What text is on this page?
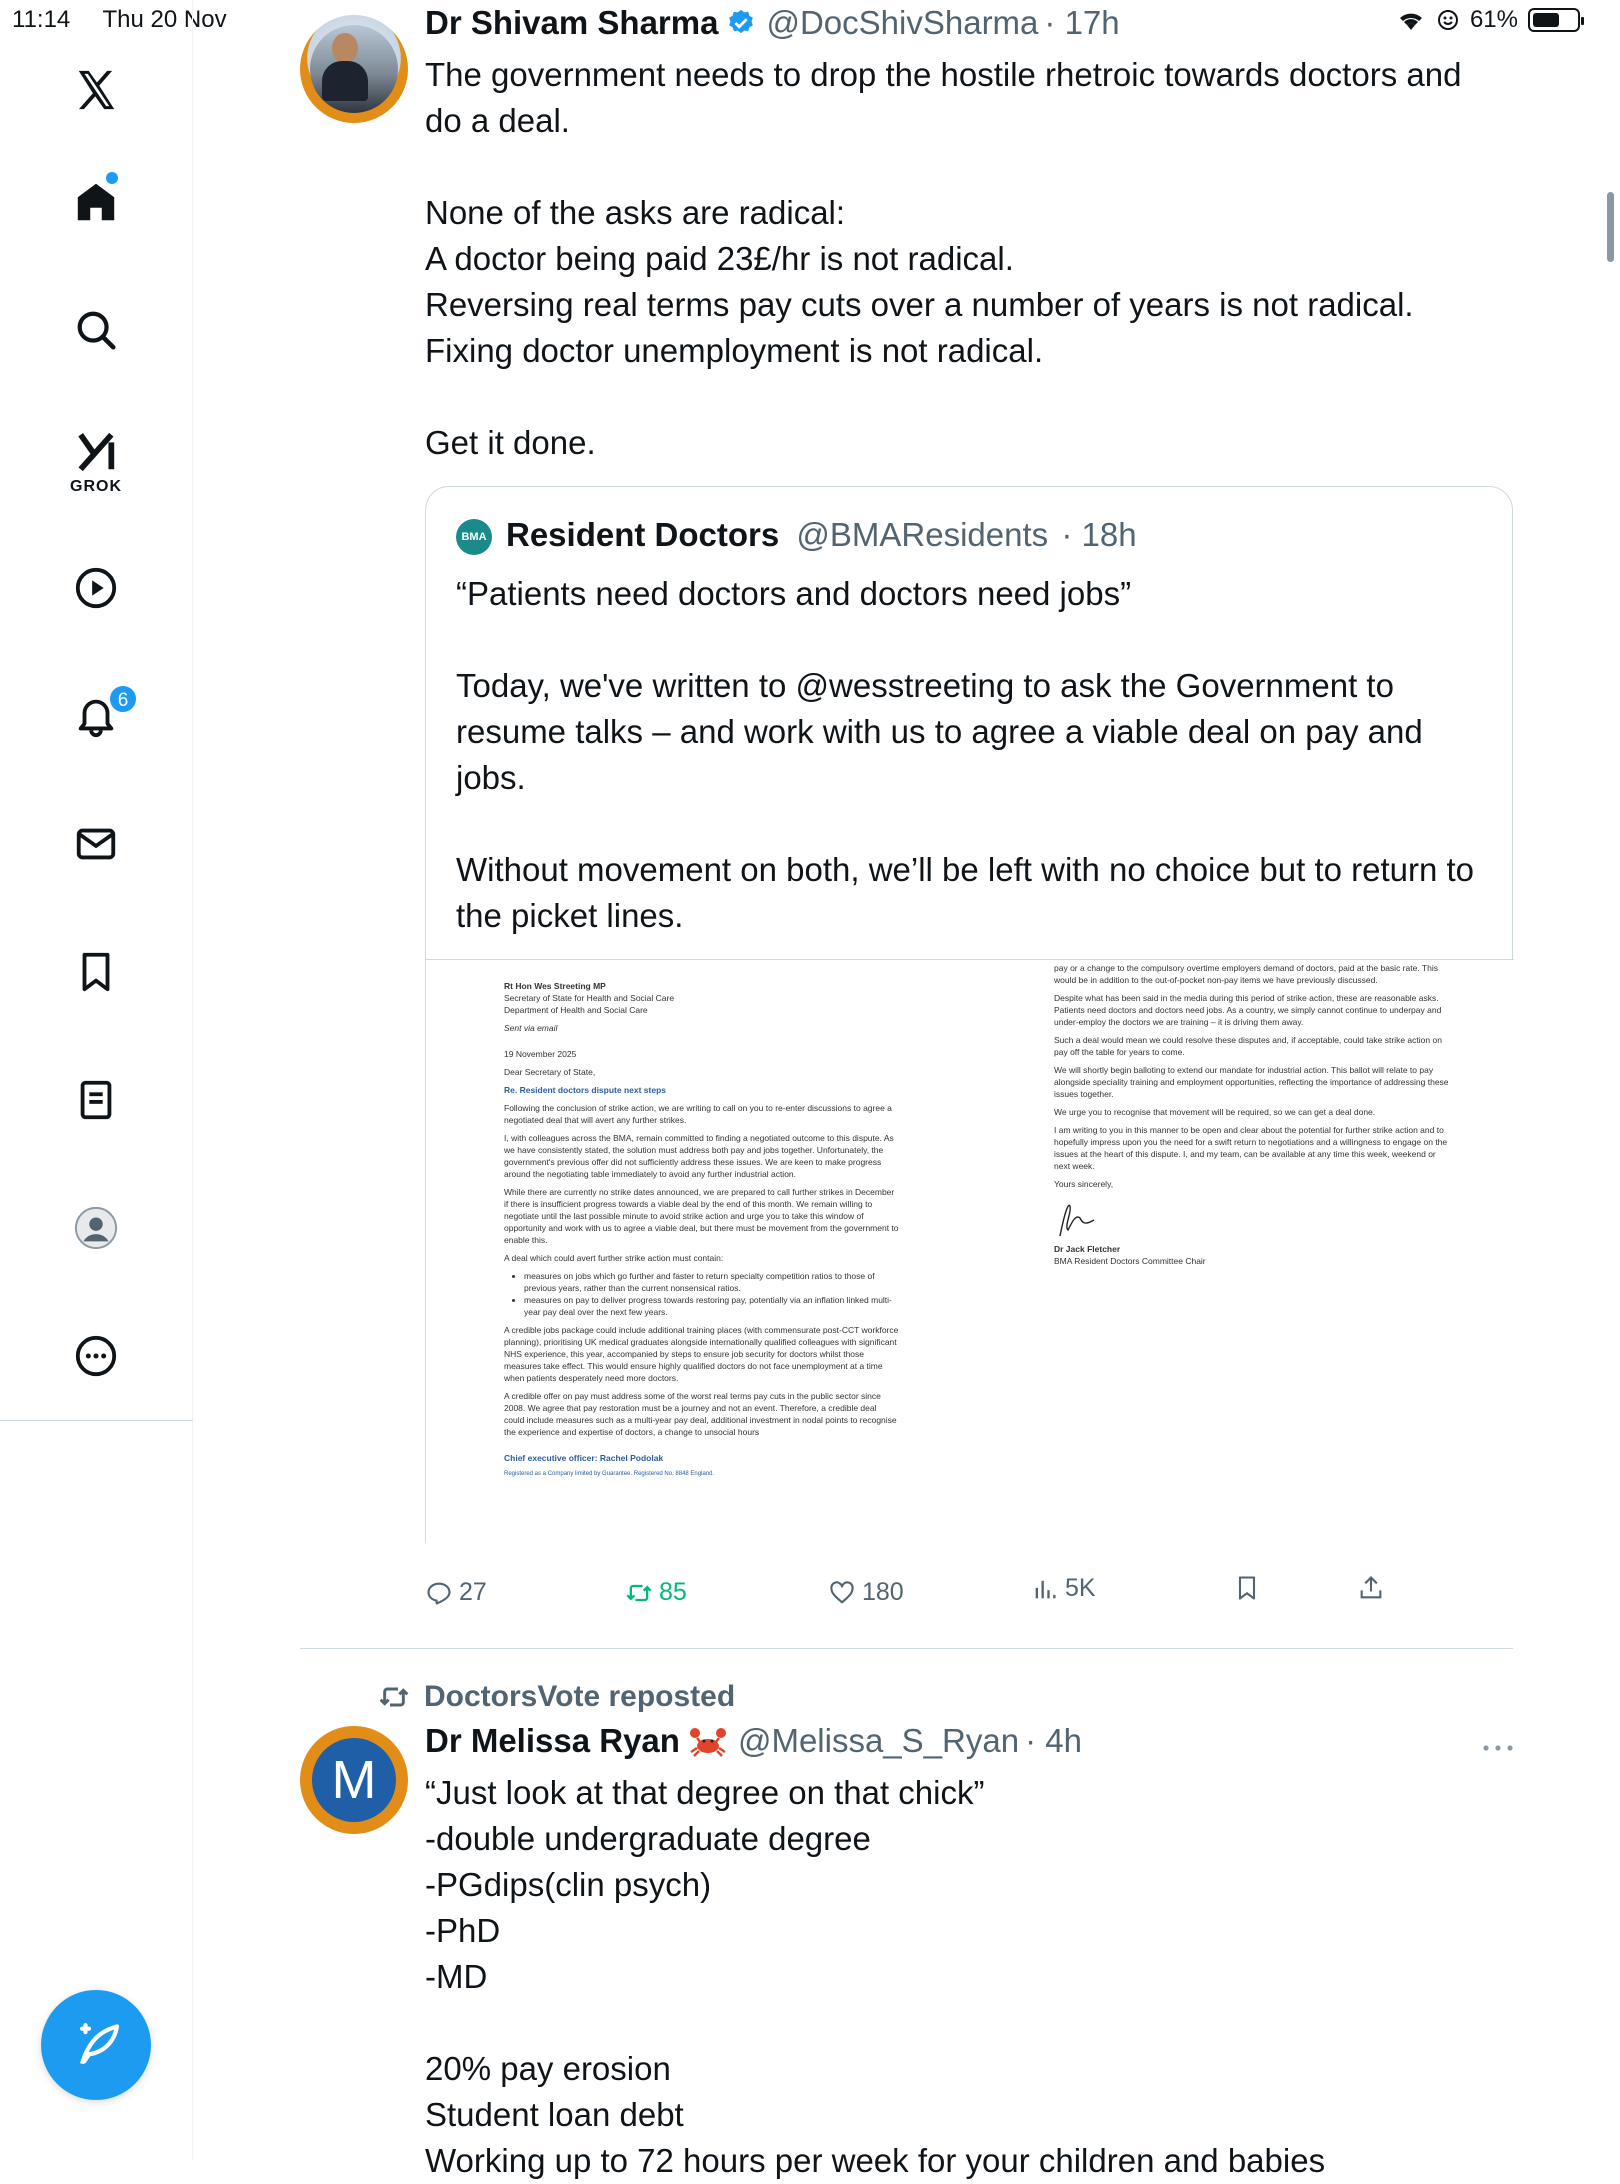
11:14 Thu 20 Nov	61%
GROK
6
Dr Shivam Sharma @DocShivSharma · 17h
The government needs to drop the hostile rhetroic towards doctors and
do a deal.

None of the asks are radical:
A doctor being paid 23£/hr is not radical.
Reversing real terms pay cuts over a number of years is not radical.
Fixing doctor unemployment is not radical.

Get it done.
BMA Resident Doctors @BMAResidents · 18h
“Patients need doctors and doctors need jobs”

Today, we've written to @wesstreeting to ask the Government to resume talks – and work with us to agree a viable deal on pay and jobs.

Without movement on both, we’ll be left with no choice but to return to the picket lines.

Rt Hon Wes Streeting MP

Secretary of State for Health and Social Care

Department of Health and Social Care

Sent via email

19 November 2025

Dear Secretary of State,

Re. Resident doctors dispute next steps

Following the conclusion of strike action, we are writing to call on you to re-enter discussions to agree a negotiated deal that will avert any further strikes.

I, with colleagues across the BMA, remain committed to finding a negotiated outcome to this dispute. As we have consistently stated, the solution must address both pay and jobs together. Unfortunately, the government's previous offer did not sufficiently address these issues. We are keen to make progress around the negotiating table immediately to avoid any further industrial action.

While there are currently no strike dates announced, we are prepared to call further strikes in December if there is insufficient progress towards a viable deal by the end of this month. We remain willing to negotiate until the last possible minute to avoid strike action and urge you to take this window of opportunity and work with us to agree a viable deal, but there must be movement from the government to enable this.

A deal which could avert further strike action must contain:

• measures on jobs which go further and faster to return specialty competition ratios to those of previous years, rather than the current nonsensical ratios.
• measures on pay to deliver progress towards restoring pay, potentially via an inflation linked multi-year pay deal over the next few years.

A credible jobs package could include additional training places (with commensurate post-CCT workforce planning), prioritising UK medical graduates alongside internationally qualified colleagues with significant NHS experience, this year, accompanied by steps to ensure job security for doctors whilst those measures take effect. This would ensure highly qualified doctors do not face unemployment at a time when patients desperately need more doctors.

A credible offer on pay must address some of the worst real terms pay cuts in the public sector since 2008. We agree that pay restoration must be a journey and not an event. Therefore, a credible deal could include measures such as a multi-year pay deal, additional investment in nodal points to recognise the experience and expertise of doctors, a change to unsocial hours

Chief executive officer: Rachel Podolak

Registered as a Company limited by Guarantee. Registered No. 8848 England.

pay or a change to the compulsory overtime employers demand of doctors, paid at the basic rate. This would be in addition to the out-of-pocket non-pay items we have previously discussed.

Despite what has been said in the media during this period of strike action, these are reasonable asks. Patients need doctors and doctors need jobs. As a country, we simply cannot continue to underpay and under-employ the doctors we are training – it is driving them away.

Such a deal would mean we could resolve these disputes and, if acceptable, could take strike action on pay off the table for years to come.

We will shortly begin balloting to extend our mandate for industrial action. This ballot will relate to pay alongside speciality training and employment opportunities, reflecting the importance of addressing these issues together.

We urge you to recognise that movement will be required, so we can get a deal done.

I am writing to you in this manner to be open and clear about the potential for further strike action and to hopefully impress upon you the need for a swift return to negotiations and a willingness to engage on the issues at the heart of this dispute. I, and my team, can be available at any time this week, weekend or next week.

Yours sincerely,

Dr Jack Fletcher

BMA Resident Doctors Committee Chair

27	85	180	5K
DoctorsVote reposted
M
Dr Melissa Ryan @Melissa_S_Ryan · 4h
“Just look at that degree on that chick”
-double undergraduate degree
-PGdips(clin psych)
-PhD
-MD

20% pay erosion
Student loan debt
Working up to 72 hours per week for your children and babies
